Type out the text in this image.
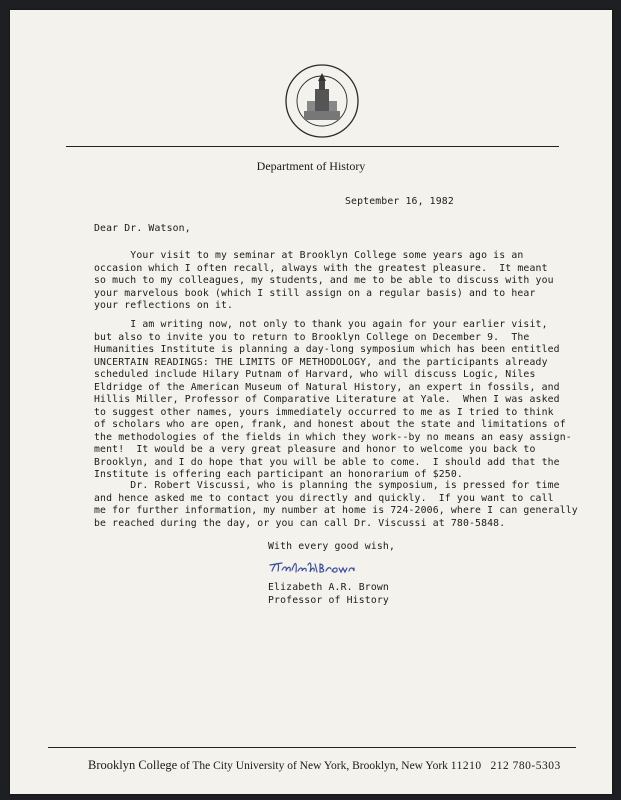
Department of History
September 16, 1982
Dear Dr. Watson,
Your visit to my seminar at Brooklyn College some years ago is an
occasion which I often recall, always with the greatest pleasure.  It meant
so much to my colleagues, my students, and me to be able to discuss with you
your marvelous book (which I still assign on a regular basis) and to hear
your reflections on it.
I am writing now, not only to thank you again for your earlier visit,
but also to invite you to return to Brooklyn College on December 9.  The
Humanities Institute is planning a day-long symposium which has been entitled
UNCERTAIN READINGS: THE LIMITS OF METHODOLOGY, and the participants already
scheduled include Hilary Putnam of Harvard, who will discuss Logic, Niles
Eldridge of the American Museum of Natural History, an expert in fossils, and
Hillis Miller, Professor of Comparative Literature at Yale.  When I was asked
to suggest other names, yours immediately occurred to me as I tried to think
of scholars who are open, frank, and honest about the state and limitations of
the methodologies of the fields in which they work--by no means an easy assign-
ment!  It would be a very great pleasure and honor to welcome you back to
Brooklyn, and I do hope that you will be able to come.  I should add that the
Institute is offering each participant an honorarium of $250.
Dr. Robert Viscussi, who is planning the symposium, is pressed for time
and hence asked me to contact you directly and quickly.  If you want to call
me for further information, my number at home is 724-2006, where I can generally
be reached during the day, or you can call Dr. Viscussi at 780-5848.
With every good wish,
Elizabeth A.R. Brown
Professor of History
Brooklyn College of The City University of New York, Brooklyn, New York 11210 212 780-5303
